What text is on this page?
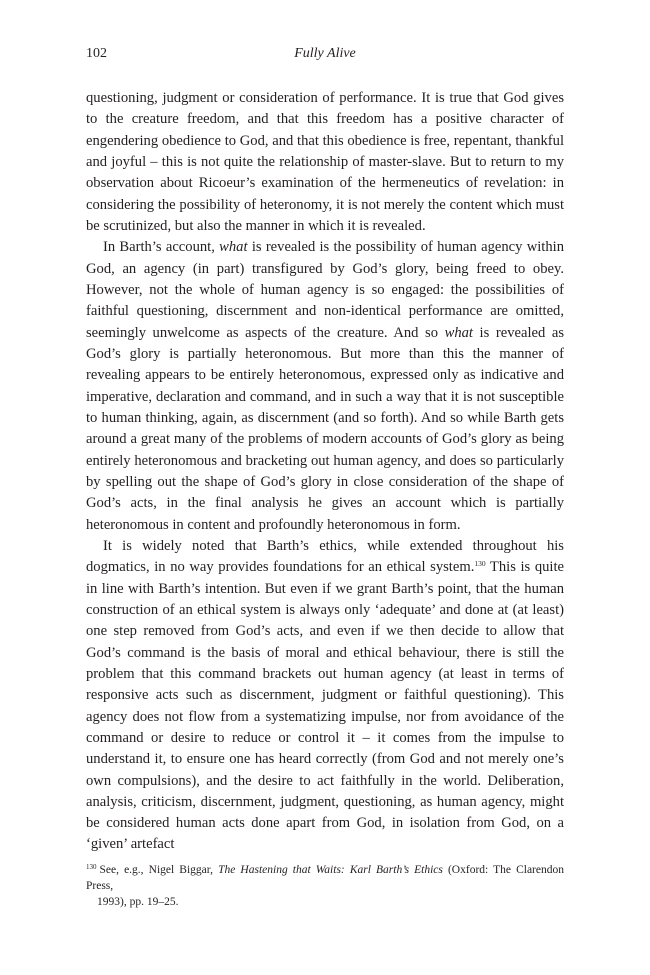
102	Fully Alive

questioning, judgment or consideration of performance. It is true that God gives to the creature freedom, and that this freedom has a positive character of engendering obedience to God, and that this obedience is free, repentant, thankful and joyful – this is not quite the relationship of master-slave. But to return to my observation about Ricoeur’s examination of the hermeneutics of revelation: in considering the possibility of heteronomy, it is not merely the content which must be scrutinized, but also the manner in which it is revealed.

In Barth’s account, what is revealed is the possibility of human agency within God, an agency (in part) transfigured by God’s glory, being freed to obey. However, not the whole of human agency is so engaged: the possibilities of faithful questioning, discernment and non-identical performance are omitted, seemingly unwelcome as aspects of the creature. And so what is revealed as God’s glory is partially heteronomous. But more than this the manner of revealing appears to be entirely heteronomous, expressed only as indicative and imperative, declaration and command, and in such a way that it is not susceptible to human thinking, again, as discernment (and so forth). And so while Barth gets around a great many of the problems of modern accounts of God’s glory as being entirely heteronomous and bracketing out human agency, and does so particularly by spelling out the shape of God’s glory in close consideration of the shape of God’s acts, in the final analysis he gives an account which is partially heteronomous in content and profoundly heteronomous in form.

It is widely noted that Barth’s ethics, while extended throughout his dogmatics, in no way provides foundations for an ethical system.$^{130}$ This is quite in line with Barth’s intention. But even if we grant Barth’s point, that the human construction of an ethical system is always only ‘adequate’ and done at (at least) one step removed from God’s acts, and even if we then decide to allow that God’s command is the basis of moral and ethical behaviour, there is still the problem that this command brackets out human agency (at least in terms of responsive acts such as discernment, judgment or faithful questioning). This agency does not flow from a systematizing impulse, nor from avoidance of the command or desire to reduce or control it – it comes from the impulse to understand it, to ensure one has heard correctly (from God and not merely one’s own compulsions), and the desire to act faithfully in the world. Deliberation, analysis, criticism, discernment, judgment, questioning, as human agency, might be considered human acts done apart from God, in isolation from God, on a ‘given’ artefact

$^{130}$ See, e.g., Nigel Biggar, The Hastening that Waits: Karl Barth’s Ethics (Oxford: The Clarendon Press,
1993), pp. 19–25.
